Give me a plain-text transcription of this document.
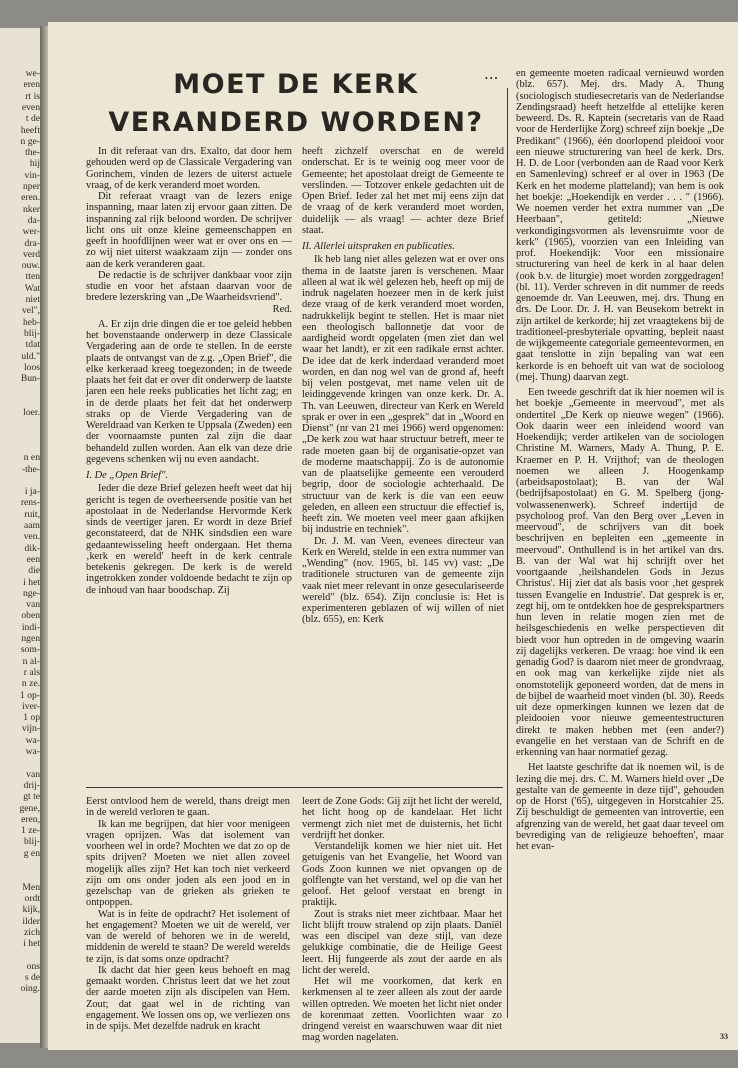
we-
eren
rt is
even
t de
heeft
n ge-
the-
hij
vin-
nper
eren.
nker
da-
wer-
dra-
verd
ouw.
tten
Wat
niet
vel",
heb-
blij-
tdat
uld."
loos
Bun-
loer.
n en
-the-
i ja-
rens-
ruit,
aam
ven.
dik-
een
die
i het
nge-
van
oben
indi-
ngen
som-
n al-
r als
n ze.
1 op-
iver-
1 op
vijn-
wa-
wa-
van
drij-
gt te
gene,
eren,
1 ze-
blij-
g en
Men
ordt
kijk,
ilder
zich
i het
ons
s de
oing.
• • •
MOET DE KERK
VERANDERD WORDEN?

In dit referaat van drs. Exalto, dat door hem gehouden werd op de Classicale Vergadering van Gorinchem, vinden de lezers de uiterst actuele vraag, of de kerk veranderd moet worden.

Dit referaat vraagt van de lezers enige inspanning, maar laten zij ervoor gaan zitten. De inspanning zal rijk beloond worden. De schrijver licht ons uit onze kleine gemeenschappen en geeft in hoofdlijnen weer wat er over ons en — zo wij niet uiterst waakzaam zijn — zonder ons aan de kerk veranderen gaat.

De redactie is de schrijver dankbaar voor zijn studie en voor het afstaan daarvan voor de bredere lezerskring van „De Waarheidsvriend".

Red.

A. Er zijn drie dingen die er toe geleid hebben het bovenstaande onderwerp in deze Classicale Vergadering aan de orde te stellen. In de eerste plaats de ontvangst van de z.g. „Open Brief", die elke kerkeraad kreeg toegezonden; in de tweede plaats het feit dat er over dit onderwerp de laatste jaren een hele reeks publicaties het licht zag; en in de derde plaats het feit dat het onderwerp straks op de Vierde Vergadering van de Wereldraad van Kerken te Uppsala (Zweden) een der voornaamste punten zal zijn die daar behandeld zullen worden. Aan elk van deze drie gegevens schenken wij nu even aandacht.

I. De „Open Brief".

Ieder die deze Brief gelezen heeft weet dat hij gericht is tegen de overheersende positie van het apostolaat in de Nederlandse Hervormde Kerk sinds de veertiger jaren. Er wordt in deze Brief geconstateerd, dat de NHK sindsdien een ware gedaantewisseling heeft ondergaan. Het thema ‚kerk en wereld' heeft in de kerk centrale betekenis gekregen. De kerk is de wereld ingetrokken zonder voldoende bedacht te zijn op de inhoud van haar boodschap. Zij

heeft zichzelf overschat en de wereld onderschat. Er is te weinig oog meer voor de Gemeente; het apostolaat dreigt de Gemeente te verslinden. — Totzover enkele gedachten uit de Open Brief. Ieder zal het met mij eens zijn dat de vraag of de kerk veranderd moet worden, duidelijk — als vraag! — achter deze Brief staat.

II. Allerlei uitspraken en publicaties.

Ik heb lang niet alles gelezen wat er over ons thema in de laatste jaren is verschenen. Maar alleen al wat ik wèl gelezen heb, heeft op mij de indruk nagelaten hoezeer men in de kerk juist deze vraag of de kerk veranderd moet worden, nadrukkelijk begint te stellen. Het is maar niet een theologisch ballonnetje dat voor de aardigheid wordt opgelaten (men ziet dan wel waar het landt), er zit een radikale ernst achter. De idee dat de kerk inderdaad veranderd moet worden, en dan nog wel van de grond af, heeft bij velen postgevat, met name velen uit de leidinggevende kringen van onze kerk. Dr. A. Th. van Leeuwen, directeur van Kerk en Wereld sprak er over in een „gesprek" dat in „Woord en Dienst" (nr van 21 mei 1966) werd opgenomen: „De kerk zou wat haar structuur betreft, meer te rade moeten gaan bij de organisatie-opzet van de moderne maatschappij. Zo is de autonomie van de plaatselijke gemeente een verouderd begrip, door de sociologie achterhaald. De structuur van de kerk is die van een eeuw geleden, en alleen een structuur die effectief is, heeft zin. We moeten veel meer gaan afkijken bij industrie en techniek".

Dr. J. M. van Veen, evenees directeur van Kerk en Wereld, stelde in een extra nummer van „Wending" (nov. 1965, bl. 145 vv) vast: „De traditionele structuren van de gemeente zijn vaak niet meer relevant in onze geseculariseerde wereld" (blz. 654). Zijn conclusie is: Het is experimenteren geblazen of wij willen of niet (blz. 655), en: Kerk

en gemeente moeten radicaal vernieuwd worden (blz. 657). Mej. drs. Mady A. Thung (sociologisch studiesecretaris van de Nederlandse Zendingsraad) heeft hetzelfde al ettelijke keren beweerd. Ds. R. Kaptein (secretaris van de Raad voor de Herderlijke Zorg) schreef zijn boekje „De Predikant" (1966), één doorlopend pleidooi voor een nieuwe structurering van heel de kerk. Drs. H. D. de Loor (verbonden aan de Raad voor Kerk en Samenleving) schreef er al over in 1963 (De Kerk en het moderne platteland); van hem is ook het boekje: „Hoekendijk en verder . . . " (1966). We noemen verder het extra nummer van „De Heerbaan", getiteld: „Nieuwe verkondigingsvormen als levensruimte voor de kerk" (1965), voorzien van een Inleiding van prof. Hoekendijk: Voor een missionaire structurering van heel de kerk in al haar delen (ook b.v. de liturgie) moet worden zorggedragen! (bl. 11). Verder schreven in dit nummer de reeds genoemde dr. Van Leeuwen, mej. drs. Thung en drs. De Loor. Dr. J. H. van Beusekom betrekt in zijn artikel de kerkorde; hij zet vraagtekens bij de traditioneel-presbyteriale opvatting, bepleit naast de wijkgemeente categoriale gemeentevormen, en gaat tenslotte in zijn bepaling van wat een kerkorde is en behoeft uit van wat de socioloog (mej. Thung) daarvan zegt.

Een tweede geschrift dat ik hier noemen wil is het boekje „Gemeente in meervoud", met als ondertitel „De Kerk op nieuwe wegen" (1966). Ook daarin weer een inleidend woord van Hoekendijk; verder artikelen van de sociologen Christine M. Warners, Mady A. Thung, P. E. Kraemer en P. H. Vrijthof; van de theologen noemen we alleen J. Hoogenkamp (arbeidsapostolaat); B. van der Wal (bedrijfsapostolaat) en G. M. Spelberg (jong-volwassenenwerk). Schreef indertijd de psycholoog prof. Van den Berg over „Leven in meervoud", de schrijvers van dit boek beschrijven en bepleiten een „gemeente in meervoud". Onthullend is in het artikel van drs. B. van der Wal wat hij schrijft over het voortgaande ‚heilshandelen Gods in Jezus Christus'. Hij ziet dat als basis voor ‚het gesprek tussen Evangelie en Industrie'. Dat gesprek is er, zegt hij, om te ontdekken hoe de gesprekspartners hun leven in relatie mogen zien met de heilsgeschiedenis en welke perspectieven dit biedt voor hun optreden in de omgeving waarin zij dagelijks verkeren. De vraag: hoe vind ik een genadig God? is daarom niet meer de grondvraag, en ook mag van kerkelijke zijde niet als onomstotelijk geponeerd worden, dat de mens in de bijbel de waarheid moet vinden (bl. 30). Reeds uit deze opmerkingen kunnen we lezen dat de pleidooien voor nieuwe gemeentestructuren direkt te maken hebben met (een ander?) evangelie en het verstaan van de Schrift en de erkenning van haar normatief gezag.

Het laatste geschrifte dat ik noemen wil, is de lezing die mej. drs. C. M. Warners hield over „De gestalte van de gemeente in deze tijd", gehouden op de Horst ('65), uitgegeven in Horstcahier 25. Zij beschuldigt de gemeenten van introvertie, een afgrenzing van de wereld, het gaat daar teveel om bevrediging van de religieuze behoeften', maar het evan-

Eerst ontvlood hem de wereld, thans dreigt men in de wereld verloren te gaan.

Ik kan me begrijpen, dat hier voor menigeen vragen oprijzen. Was dat isolement van voorheen wel in orde? Mochten we dat zo op de spits drijven? Moeten we niet allen zoveel mogelijk alles zijn? Het kan toch niet verkeerd zijn om ons onder joden als een jood en in gezelschap van de grieken als grieken te ontpoppen.

Wat is in feite de opdracht? Het isolement of het engagement? Moeten we uit de wereld, ver van de wereld of behoren we in de wereld, middenin de wereld te staan? De wereld werelds te zijn, is dat soms onze opdracht?

Ik dacht dat hier geen keus behoeft en mag gemaakt worden. Christus leert dat we het zout der aarde moeten zijn als discipelen van Hem. Zout; dat gaat wel in de richting van engagement. We lossen ons op, we verliezen ons in de spijs. Met dezelfde nadruk en kracht

leert de Zone Gods: Gij zijt het licht der wereld, het licht hoog op de kandelaar. Het licht vermengt zich niet met de duisternis, het licht verdrijft het donker.

Verstandelijk komen we hier niet uit. Het getuigenis van het Evangelie, het Woord van Gods Zoon kunnen we niet opvangen op de golflengte van het verstand, wel op die van het geloof. Het geloof verstaat en brengt in praktijk.

Zout is straks niet meer zichtbaar. Maar het licht blijft trouw stralend op zijn plaats. Daniël was een discipel van deze stijl, van deze gelukkige combinatie, die de Heilige Geest leert. Hij fungeerde als zout der aarde en als licht der wereld.

Het wil me voorkomen, dat kerk en kerkmensen al te zeer alleen als zout der aarde willen optreden. We moeten het licht niet onder de korenmaat zetten. Voorlichten waar zo dringend vereist en waarschuwen waar dit niet mag worden nagelaten.	33
